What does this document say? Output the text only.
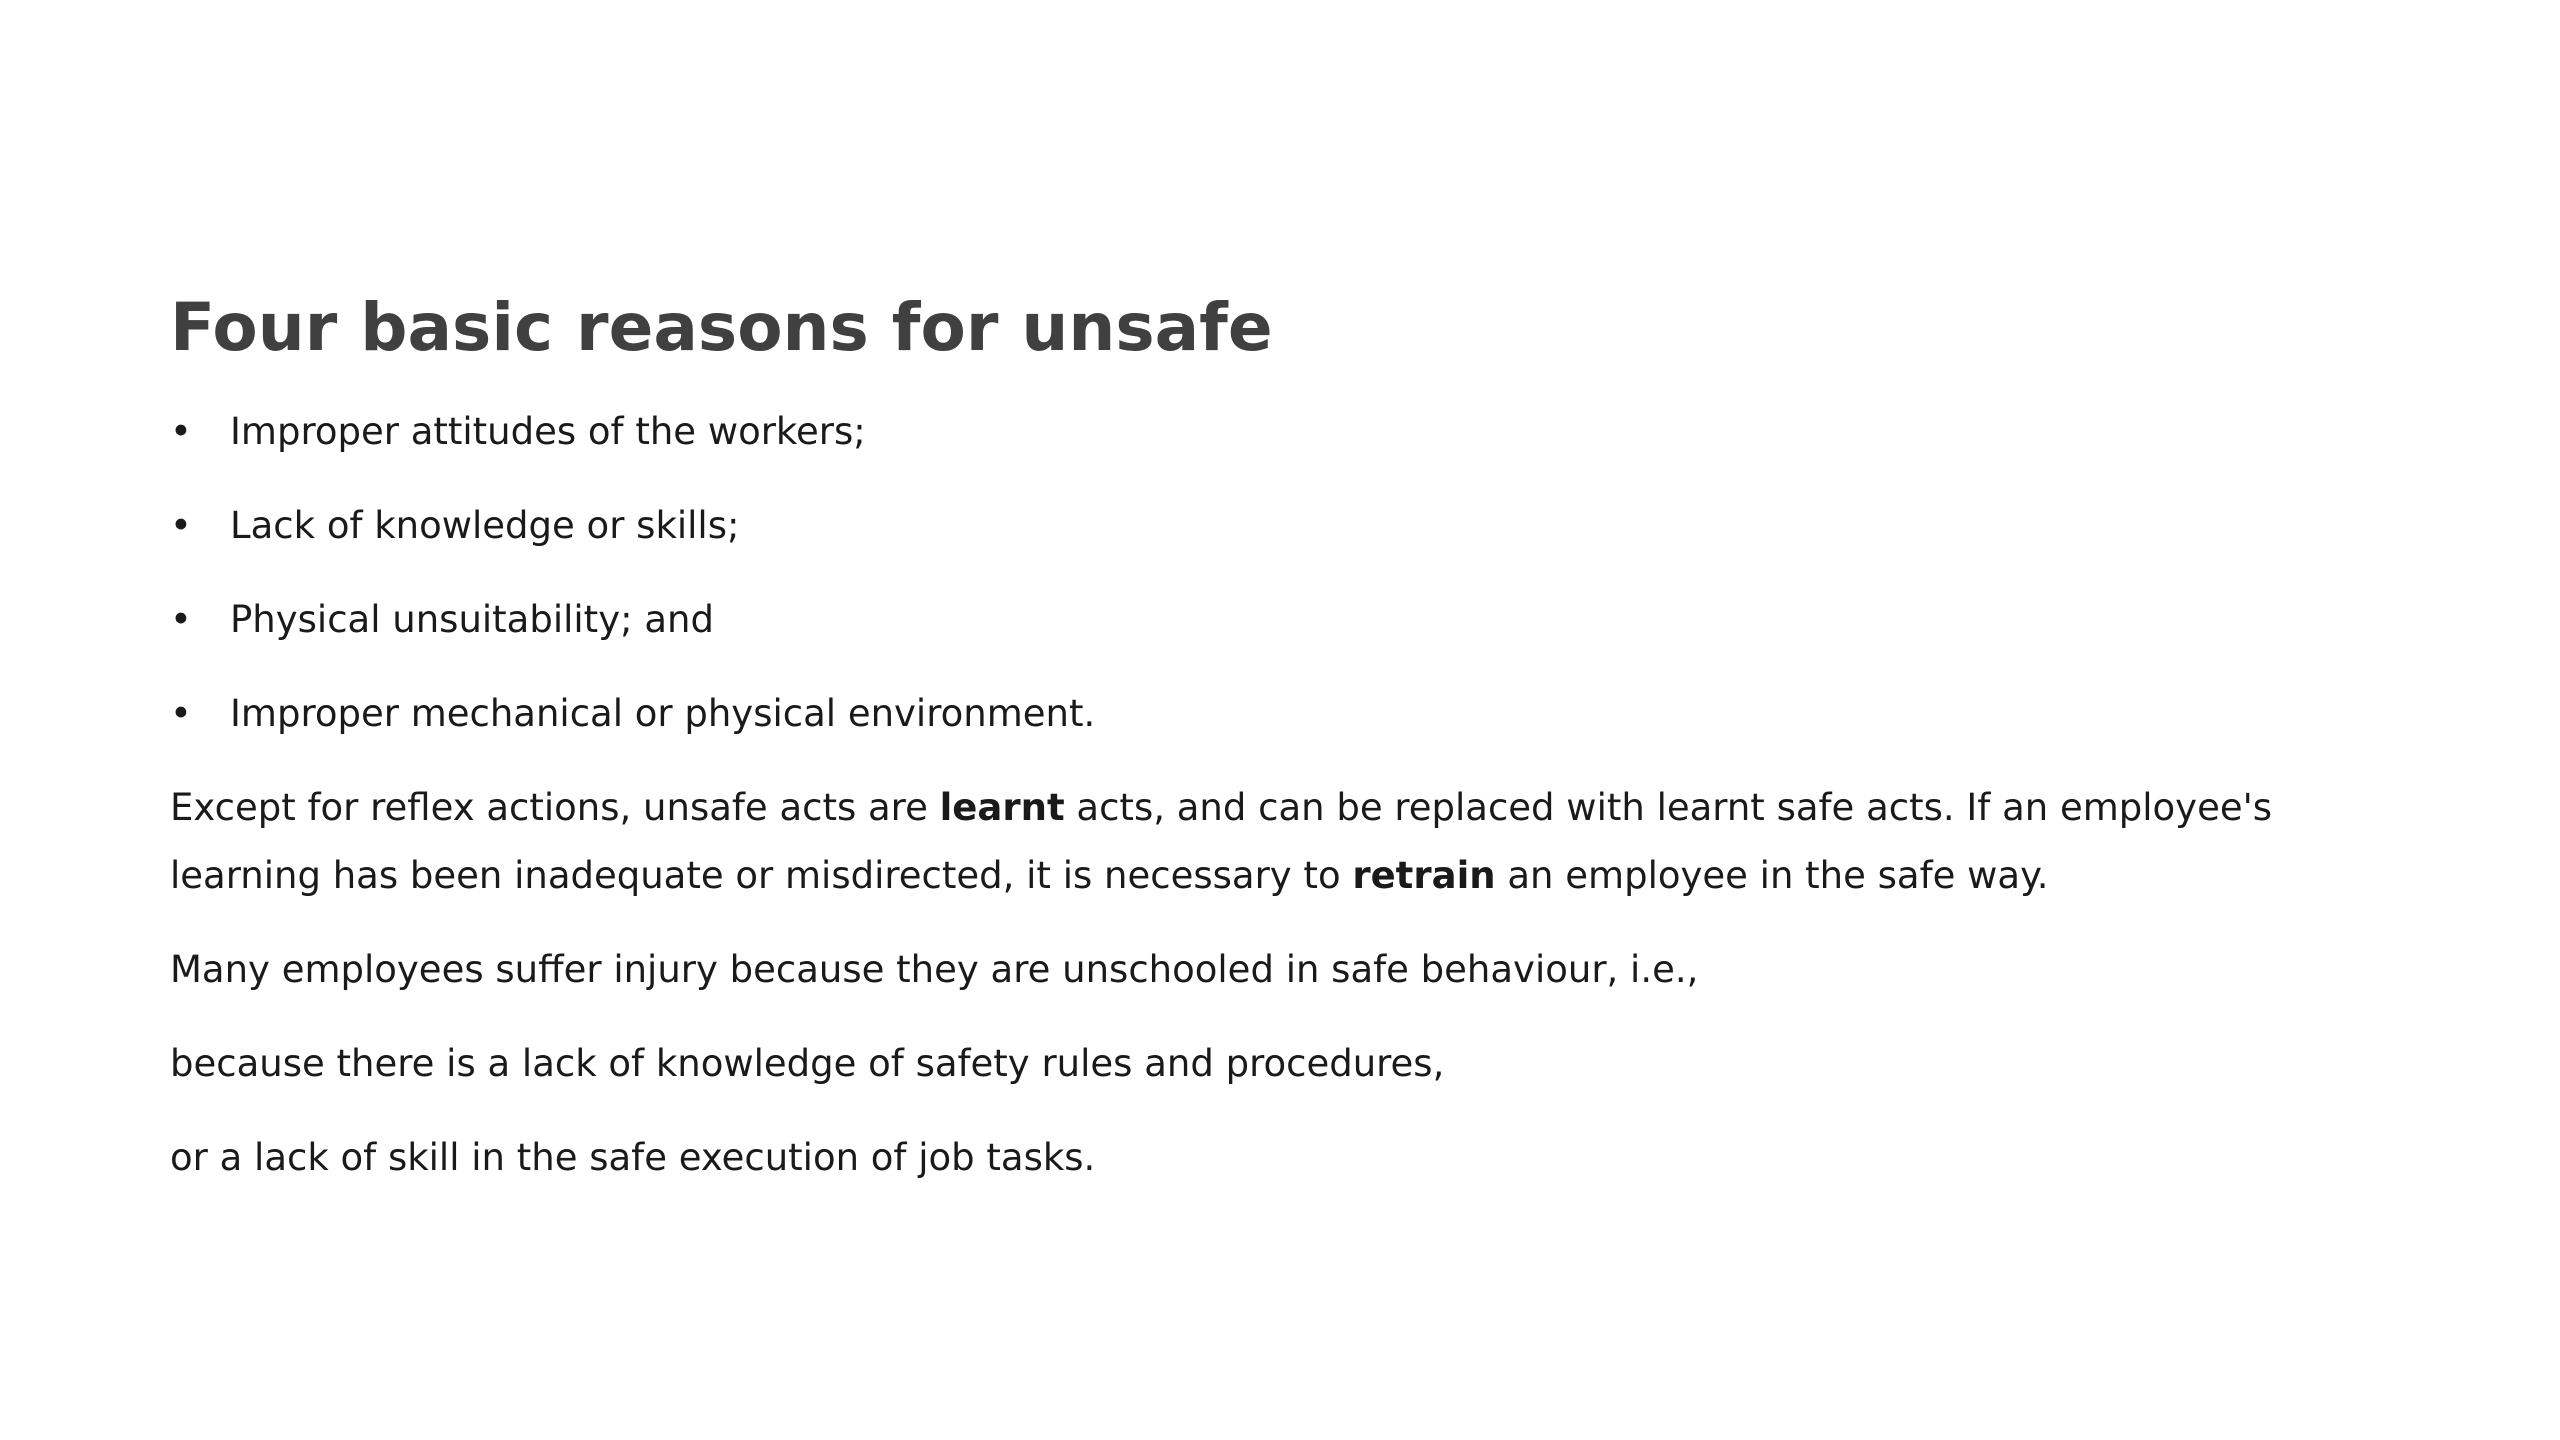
Four basic reasons for unsafe
• Improper attitudes of the workers;
• Lack of knowledge or skills;
• Physical unsuitability; and
• Improper mechanical or physical environment.

Except for reflex actions, unsafe acts are learnt acts, and can be replaced with learnt safe acts. If an employee's
learning has been inadequate or misdirected, it is necessary to retrain an employee in the safe way.

Many employees suffer injury because they are unschooled in safe behaviour, i.e.,

because there is a lack of knowledge of safety rules and procedures,

or a lack of skill in the safe execution of job tasks.
